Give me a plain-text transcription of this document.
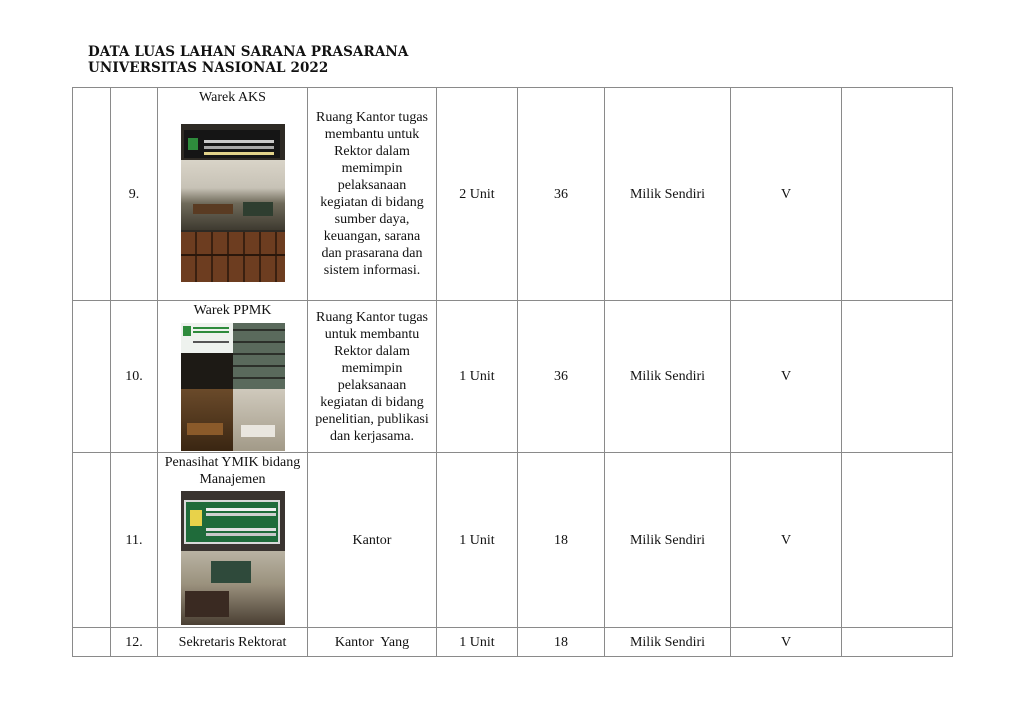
DATA LUAS LAHAN SARANA PRASARANA
UNIVERSITAS NASIONAL 2022
	9.	Warek AKS	Ruang Kantor tugas membantu untuk Rektor dalam memimpin pelaksanaan kegiatan di bidang sumber daya, keuangan, sarana dan prasarana dan sistem informasi.	2 Unit	36	Milik Sendiri	V	
	10.	Warek PPMK	Ruang Kantor tugas untuk membantu Rektor dalam memimpin pelaksanaan kegiatan di bidang penelitian, publikasi dan kerjasama.	1 Unit	36	Milik Sendiri	V	
	11.	Penasihat YMIK bidang Manajemen	Kantor	1 Unit	18	Milik Sendiri	V	
	12.	Sekretaris Rektorat	Kantor  Yang	1 Unit	18	Milik Sendiri	V	
